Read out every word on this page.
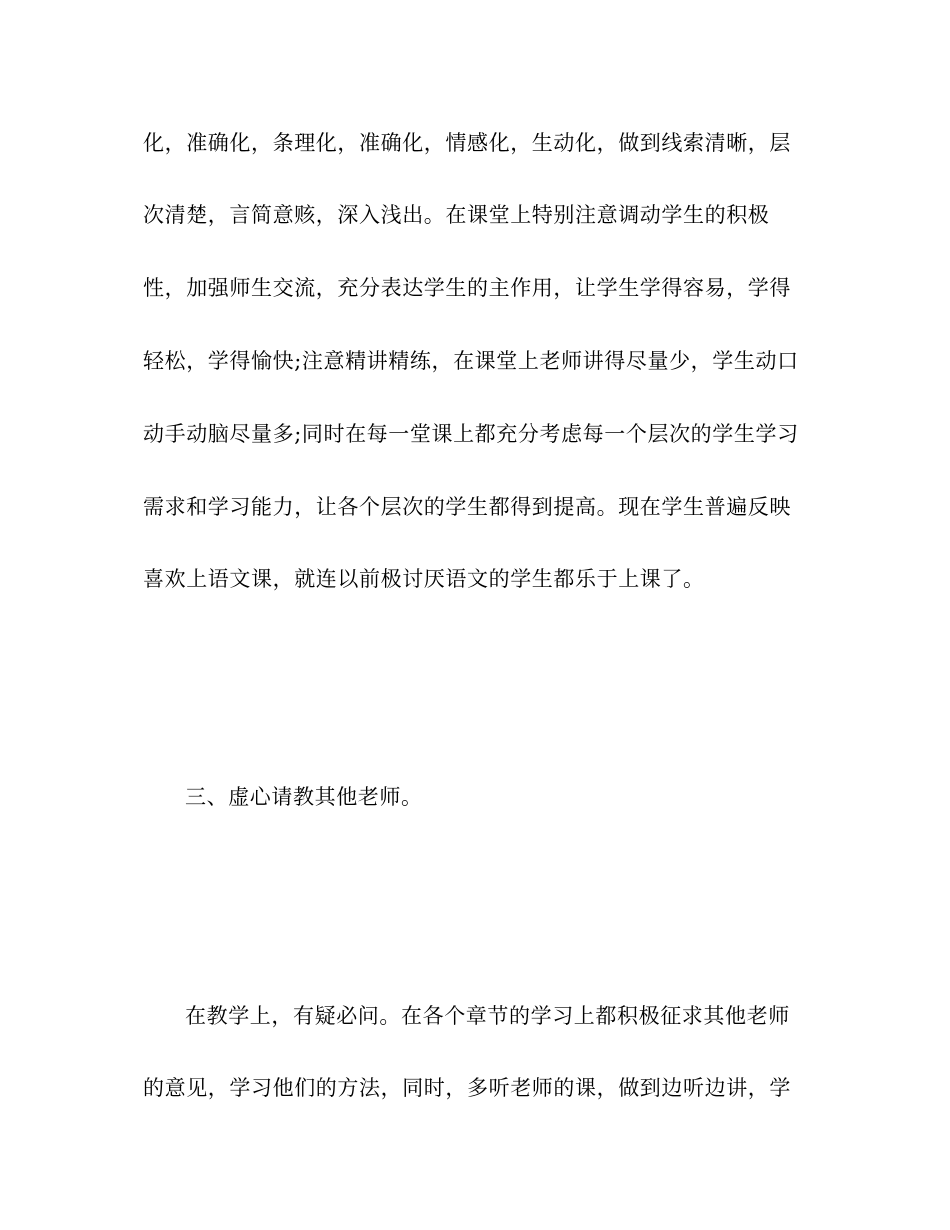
化，准确化，条理化，准确化，情感化，生动化，做到线索清晰，层
次清楚，言简意赅，深入浅出。在课堂上特别注意调动学生的积极
性，加强师生交流，充分表达学生的主作用，让学生学得容易，学得
轻松，学得愉快;注意精讲精练，在课堂上老师讲得尽量少，学生动口
动手动脑尽量多;同时在每一堂课上都充分考虑每一个层次的学生学习
需求和学习能力，让各个层次的学生都得到提高。现在学生普遍反映
喜欢上语文课，就连以前极讨厌语文的学生都乐于上课了。
三、虚心请教其他老师。
在教学上，有疑必问。在各个章节的学习上都积极征求其他老师
的意见，学习他们的方法，同时，多听老师的课，做到边听边讲，学
